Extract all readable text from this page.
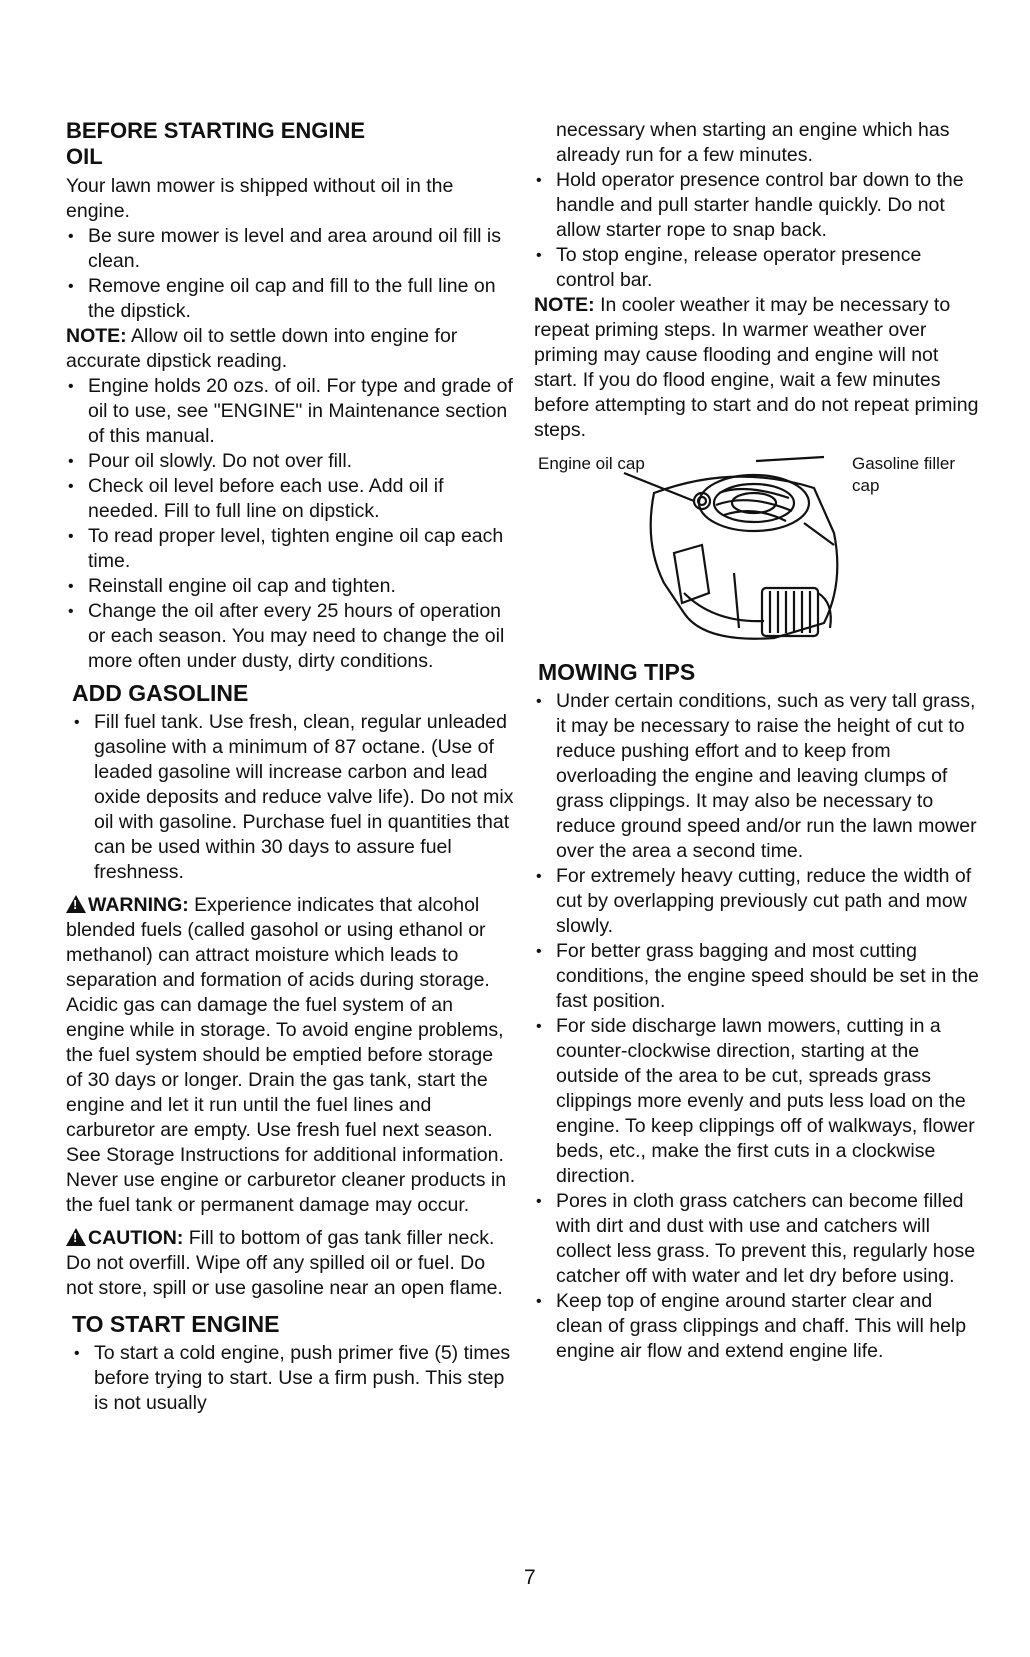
BEFORE STARTING ENGINE
OIL

Your lawn mower is shipped without oil in the engine.

• Be sure mower is level and area around oil fill is clean.
• Remove engine oil cap and fill to the full line on the dipstick.

NOTE: Allow oil to settle down into engine for accurate dipstick reading.

• Engine holds 20 ozs. of oil. For type and grade of oil to use, see "ENGINE" in Maintenance section of this manual.
• Pour oil slowly. Do not over fill.
• Check oil level before each use. Add oil if needed. Fill to full line on dipstick.
• To read proper level, tighten engine oil cap each time.
• Reinstall engine oil cap and tighten.
• Change the oil after every 25 hours of operation or each season. You may need to change the oil more often under dusty, dirty conditions.
ADD GASOLINE
• Fill fuel tank. Use fresh, clean, regular unleaded gasoline with a minimum of 87 octane. (Use of leaded gasoline will increase carbon and lead oxide deposits and reduce valve life). Do not mix oil with gasoline. Purchase fuel in quantities that can be used within 30 days to assure fuel freshness.

!WARNING: Experience indicates that alcohol blended fuels (called gasohol or using ethanol or methanol) can attract moisture which leads to separation and formation of acids during storage. Acidic gas can damage the fuel system of an engine while in storage. To avoid engine problems, the fuel system should be emptied before storage of 30 days or longer. Drain the gas tank, start the engine and let it run until the fuel lines and carburetor are empty. Use fresh fuel next season. See Storage Instructions for additional information. Never use engine or carburetor cleaner products in the fuel tank or permanent damage may occur.

!CAUTION: Fill to bottom of gas tank filler neck. Do not overfill. Wipe off any spilled oil or fuel. Do not store, spill or use gasoline near an open flame.

TO START ENGINE
• To start a cold engine, push primer five (5) times before trying to start. Use a firm push. This step is not usually

necessary when starting an engine which has already run for a few minutes.

• Hold operator presence control bar down to the handle and pull starter handle quickly. Do not allow starter rope to snap back.
• To stop engine, release operator presence control bar.

NOTE: In cooler weather it may be necessary to repeat priming steps. In warmer weather over priming may cause flooding and engine will not start. If you do flood engine, wait a few minutes before attempting to start and do not repeat priming steps.

Engine oil cap	Gasoline filler cap
MOWING TIPS
• Under certain conditions, such as very tall grass, it may be necessary to raise the height of cut to reduce pushing effort and to keep from overloading the engine and leaving clumps of grass clippings. It may also be necessary to reduce ground speed and/or run the lawn mower over the area a second time.
• For extremely heavy cutting, reduce the width of cut by overlapping previously cut path and mow slowly.
• For better grass bagging and most cutting conditions, the engine speed should be set in the fast position.
• For side discharge lawn mowers, cutting in a counter-clockwise direction, starting at the outside of the area to be cut, spreads grass clippings more evenly and puts less load on the engine. To keep clippings off of walkways, flower beds, etc., make the first cuts in a clockwise direction.
• Pores in cloth grass catchers can become filled with dirt and dust with use and catchers will collect less grass. To prevent this, regularly hose catcher off with water and let dry before using.
• Keep top of engine around starter clear and clean of grass clippings and chaff. This will help engine air flow and extend engine life.
7
